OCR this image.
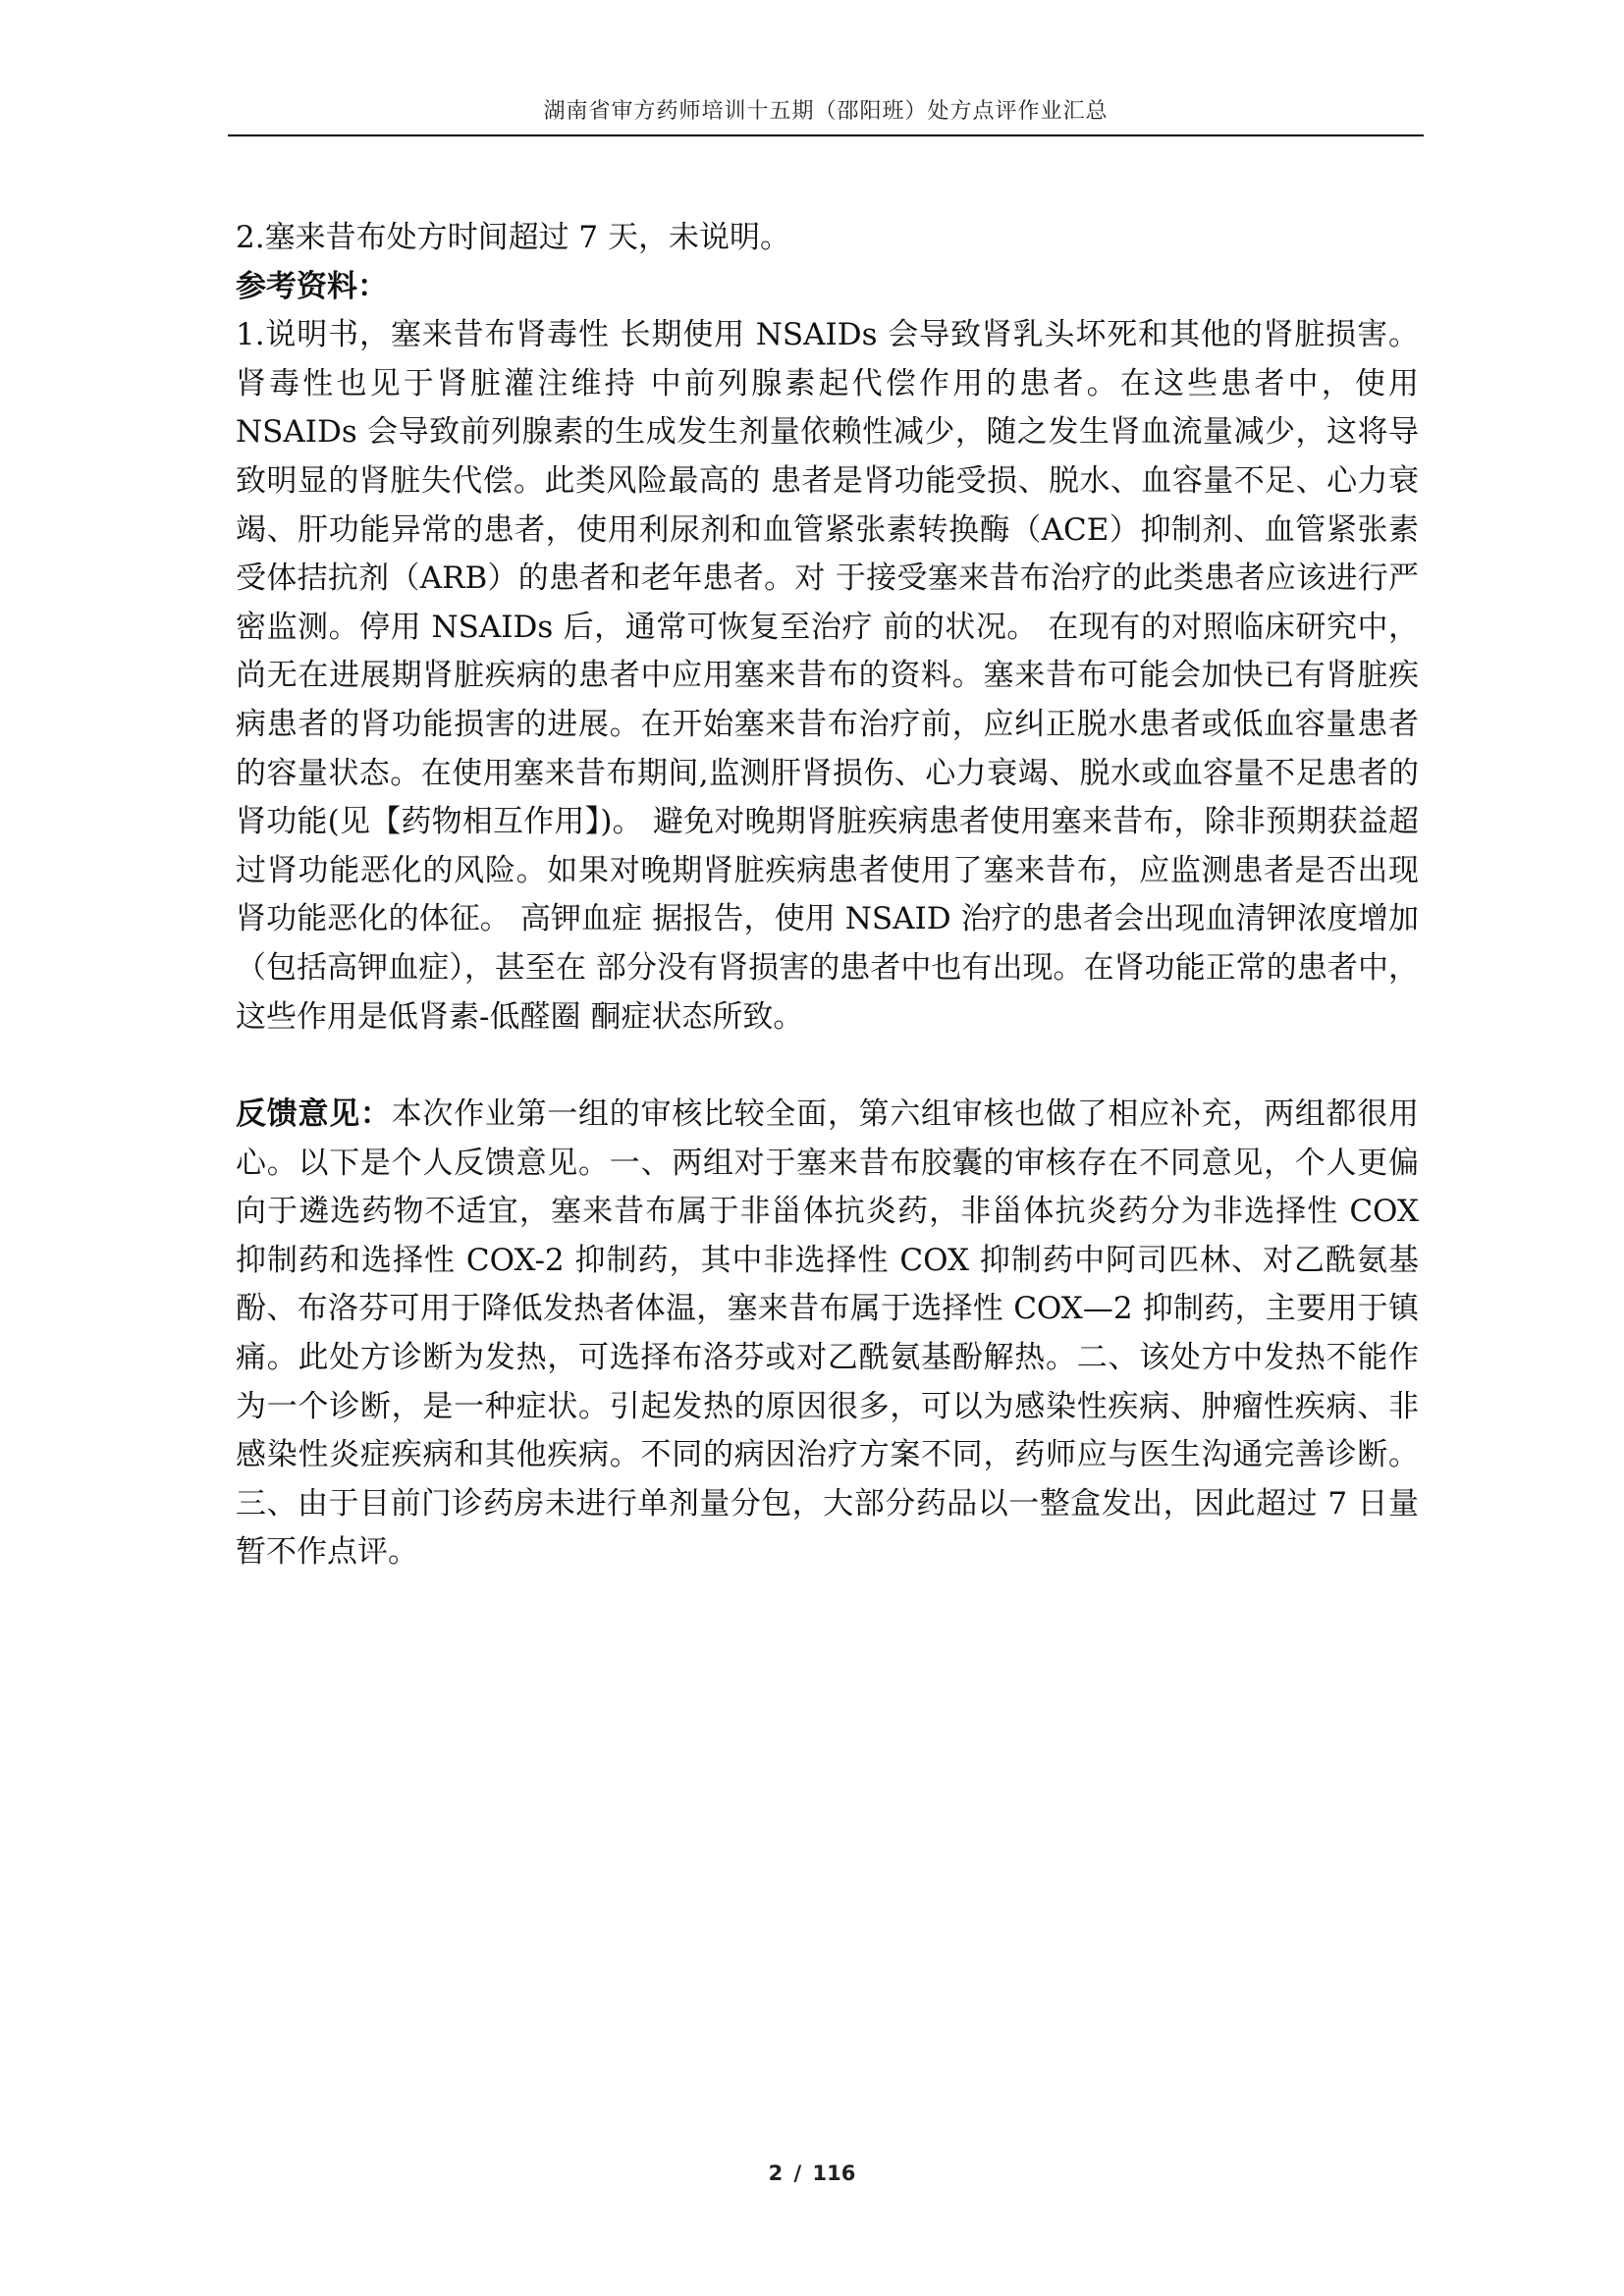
湖南省审方药师培训十五期（邵阳班）处方点评作业汇总

2.塞来昔布处方时间超过 7 天，未说明。

参考资料：

1.说明书，塞来昔布肾毒性 长期使用 NSAIDs 会导致肾乳头坏死和其他的肾脏损害。肾毒性也见于肾脏灌注维持 中前列腺素起代偿作用的患者。在这些患者中，使用 NSAIDs 会导致前列腺素的生成发生剂量依赖性减少，随之发生肾血流量减少，这将导致明显的肾脏失代偿。此类风险最高的 患者是肾功能受损、脱水、血容量不足、心力衰竭、肝功能异常的患者，使用利尿剂和血管紧张素转换酶（ACE）抑制剂、血管紧张素受体拮抗剂（ARB）的患者和老年患者。对 于接受塞来昔布治疗的此类患者应该进行严密监测。停用 NSAIDs 后，通常可恢复至治疗 前的状况。 在现有的对照临床研究中，尚无在进展期肾脏疾病的患者中应用塞来昔布的资料。塞来昔布可能会加快已有肾脏疾病患者的肾功能损害的进展。在开始塞来昔布治疗前，应纠正脱水患者或低血容量患者的容量状态。在使用塞来昔布期间,监测肝肾损伤、心力衰竭、脱水或血容量不足患者的肾功能(见【药物相互作用】)。 避免对晚期肾脏疾病患者使用塞来昔布，除非预期获益超过肾功能恶化的风险。如果对晚期肾脏疾病患者使用了塞来昔布，应监测患者是否出现肾功能恶化的体征。 高钾血症 据报告，使用 NSAID 治疗的患者会出现血清钾浓度增加（包括高钾血症），甚至在 部分没有肾损害的患者中也有出现。在肾功能正常的患者中，这些作用是低肾素-低醛圈 酮症状态所致。

反馈意见：本次作业第一组的审核比较全面，第六组审核也做了相应补充，两组都很用心。以下是个人反馈意见。一、两组对于塞来昔布胶囊的审核存在不同意见，个人更偏向于遴选药物不适宜，塞来昔布属于非甾体抗炎药，非甾体抗炎药分为非选择性 COX 抑制药和选择性 COX-2 抑制药，其中非选择性 COX 抑制药中阿司匹林、对乙酰氨基酚、布洛芬可用于降低发热者体温，塞来昔布属于选择性 COX—2 抑制药，主要用于镇痛。此处方诊断为发热，可选择布洛芬或对乙酰氨基酚解热。二、该处方中发热不能作为一个诊断，是一种症状。引起发热的原因很多，可以为感染性疾病、肿瘤性疾病、非感染性炎症疾病和其他疾病。不同的病因治疗方案不同，药师应与医生沟通完善诊断。三、由于目前门诊药房未进行单剂量分包，大部分药品以一整盒发出，因此超过 7 日量暂不作点评。

2 / 116
